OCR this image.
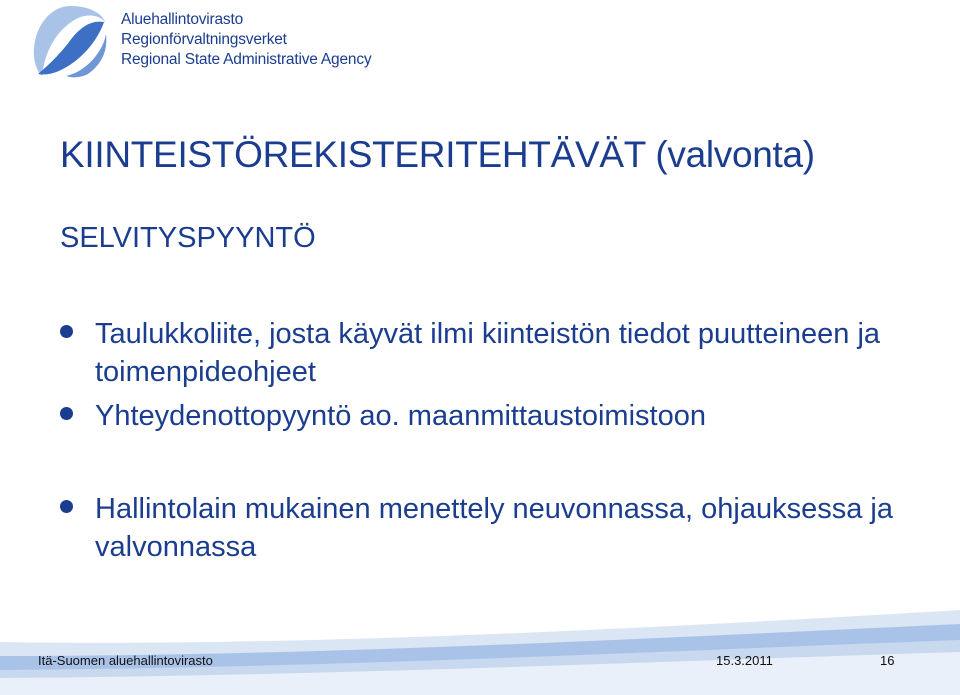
Aluehallintovirasto
Regionförvaltningsverket
Regional State Administrative Agency
KIINTEISTÖREKISTERITEHTÄVÄT (valvonta)
SELVITYSPYYNTÖ
Taulukkoliite, josta käyvät ilmi kiinteistön tiedot puutteineen ja toimenpideohjeet
Yhteydenottopyyntö ao. maanmittaustoimistoon
Hallintolain mukainen menettely neuvonnassa, ohjauksessa ja valvonnassa
Itä-Suomen aluehallintovirasto	15.3.2011	16
